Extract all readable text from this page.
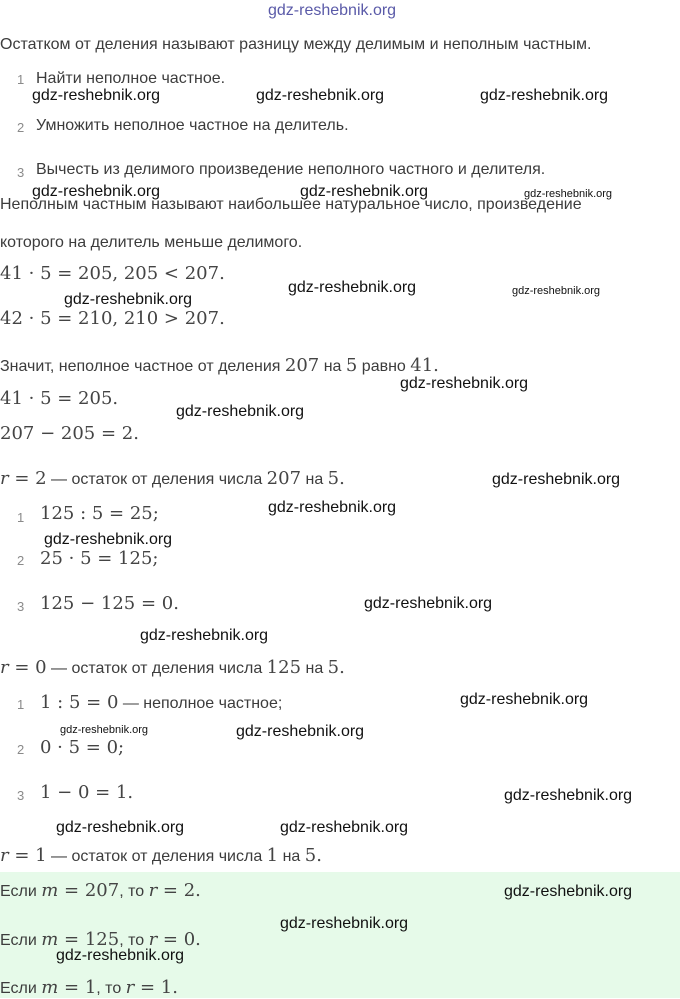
gdz-reshebnik.org
Остатком от деления называют разницу между делимым и неполным частным.
1 Найти неполное частное.
2 Умножить неполное частное на делитель.
3 Вычесть из делимого произведение неполного частного и делителя.
Неполным частным называют наибольшее натуральное число, произведение
которого на делитель меньше делимого.
41 · 5 = 205, 205 < 207.
42 · 5 = 210, 210 > 207.
Значит, неполное частное от деления 207 на 5 равно 41.
41 · 5 = 205.
207 − 205 = 2.
r = 2 — остаток от деления числа 207 на 5.
1 125 : 5 = 25;
2 25 · 5 = 125;
3 125 − 125 = 0.
r = 0 — остаток от деления числа 125 на 5.
1 1 : 5 = 0 — неполное частное;
2 0 · 5 = 0;
3 1 − 0 = 1.
r = 1 — остаток от деления числа 1 на 5.
Если m = 207, то r = 2.
Если m = 125, то r = 0.
Если m = 1, то r = 1.
gdz-reshebnik.org	gdz-reshebnik.org	gdz-reshebnik.org
gdz-reshebnik.org	gdz-reshebnik.org	gdz-reshebnik.org
gdz-reshebnik.org
gdz-reshebnik.org	gdz-reshebnik.org
gdz-reshebnik.org
gdz-reshebnik.org
gdz-reshebnik.org
gdz-reshebnik.org
gdz-reshebnik.org
gdz-reshebnik.org
gdz-reshebnik.org
gdz-reshebnik.org
gdz-reshebnik.org	gdz-reshebnik.org
gdz-reshebnik.org
gdz-reshebnik.org	gdz-reshebnik.org
gdz-reshebnik.org
gdz-reshebnik.org
gdz-reshebnik.org
